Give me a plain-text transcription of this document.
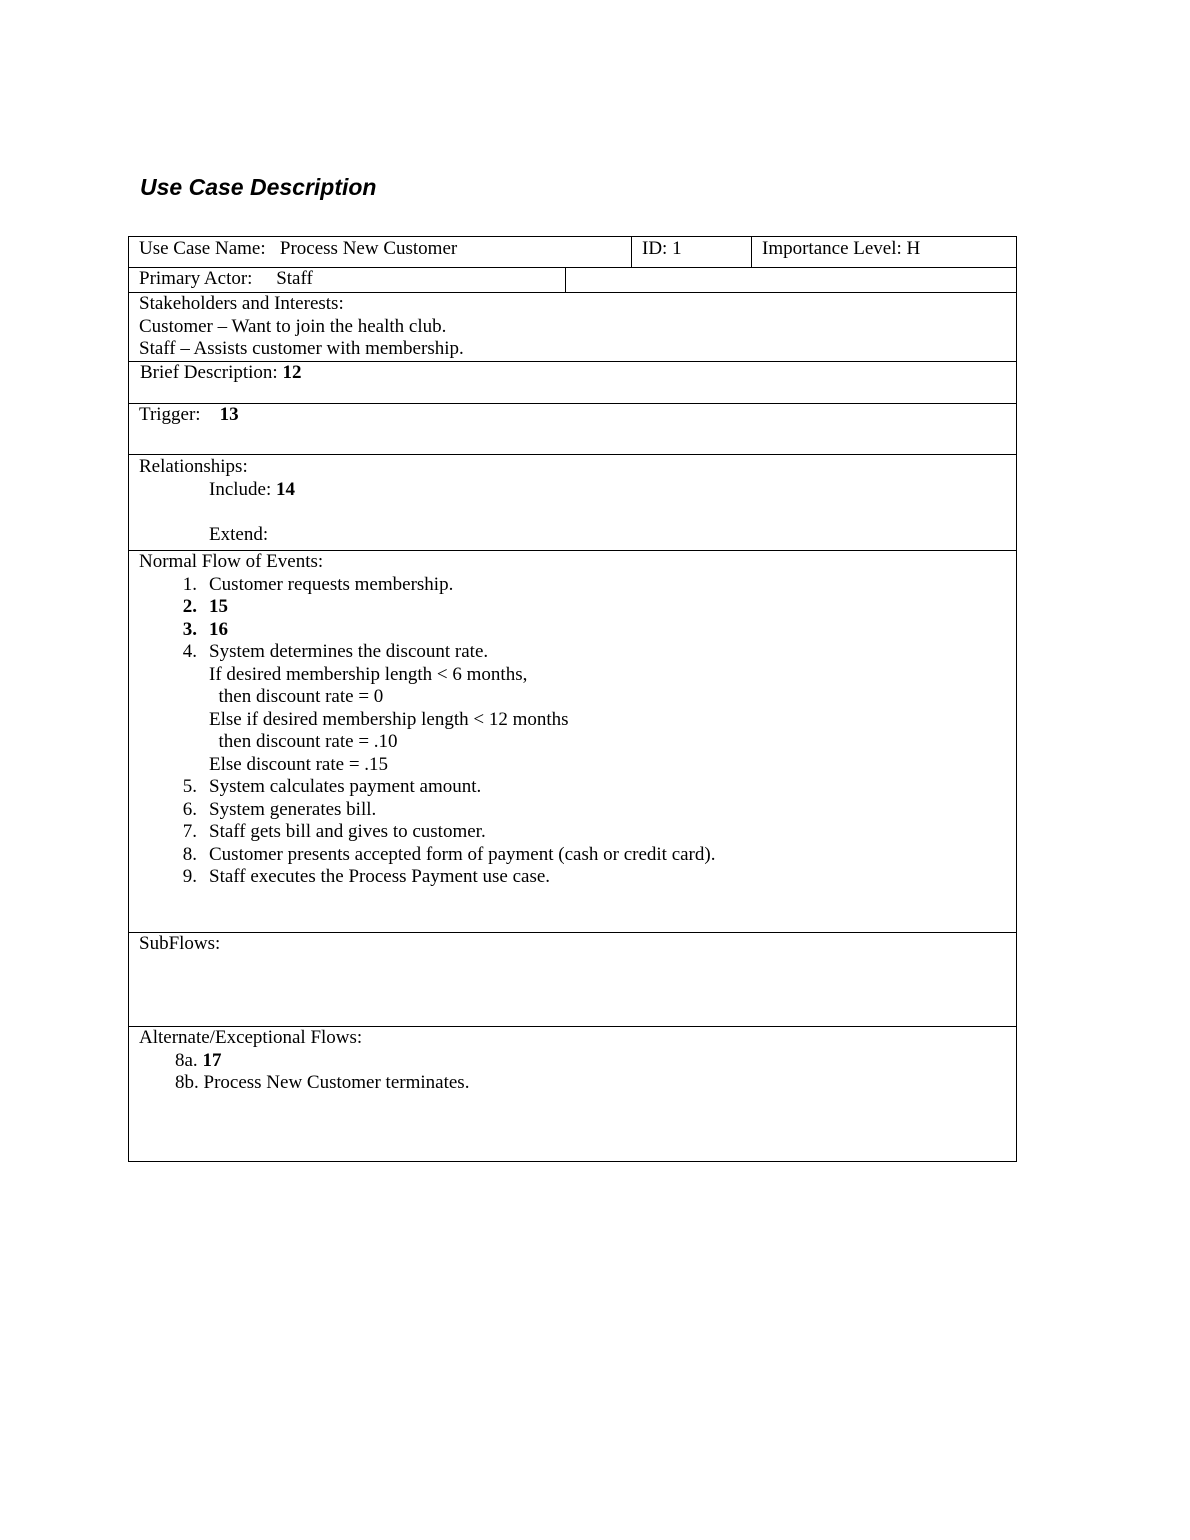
Use Case Description
Use Case Name: Process New Customer	ID: 1	Importance Level: H
Primary Actor: Staff
Stakeholders and Interests:
Customer – Want to join the health club.
Staff – Assists customer with membership.
Brief Description: 12
Trigger: 13
Relationships:
Include: 14
Extend:
Normal Flow of Events:
1. Customer requests membership.
2. 15
3. 16
4. System determines the discount rate.
If desired membership length < 6 months,
then discount rate = 0
Else if desired membership length < 12 months
then discount rate = .10
Else discount rate = .15
5. System calculates payment amount.
6. System generates bill.
7. Staff gets bill and gives to customer.
8. Customer presents accepted form of payment (cash or credit card).
9. Staff executes the Process Payment use case.
SubFlows:
Alternate/Exceptional Flows:
8a. 17
8b. Process New Customer terminates.
